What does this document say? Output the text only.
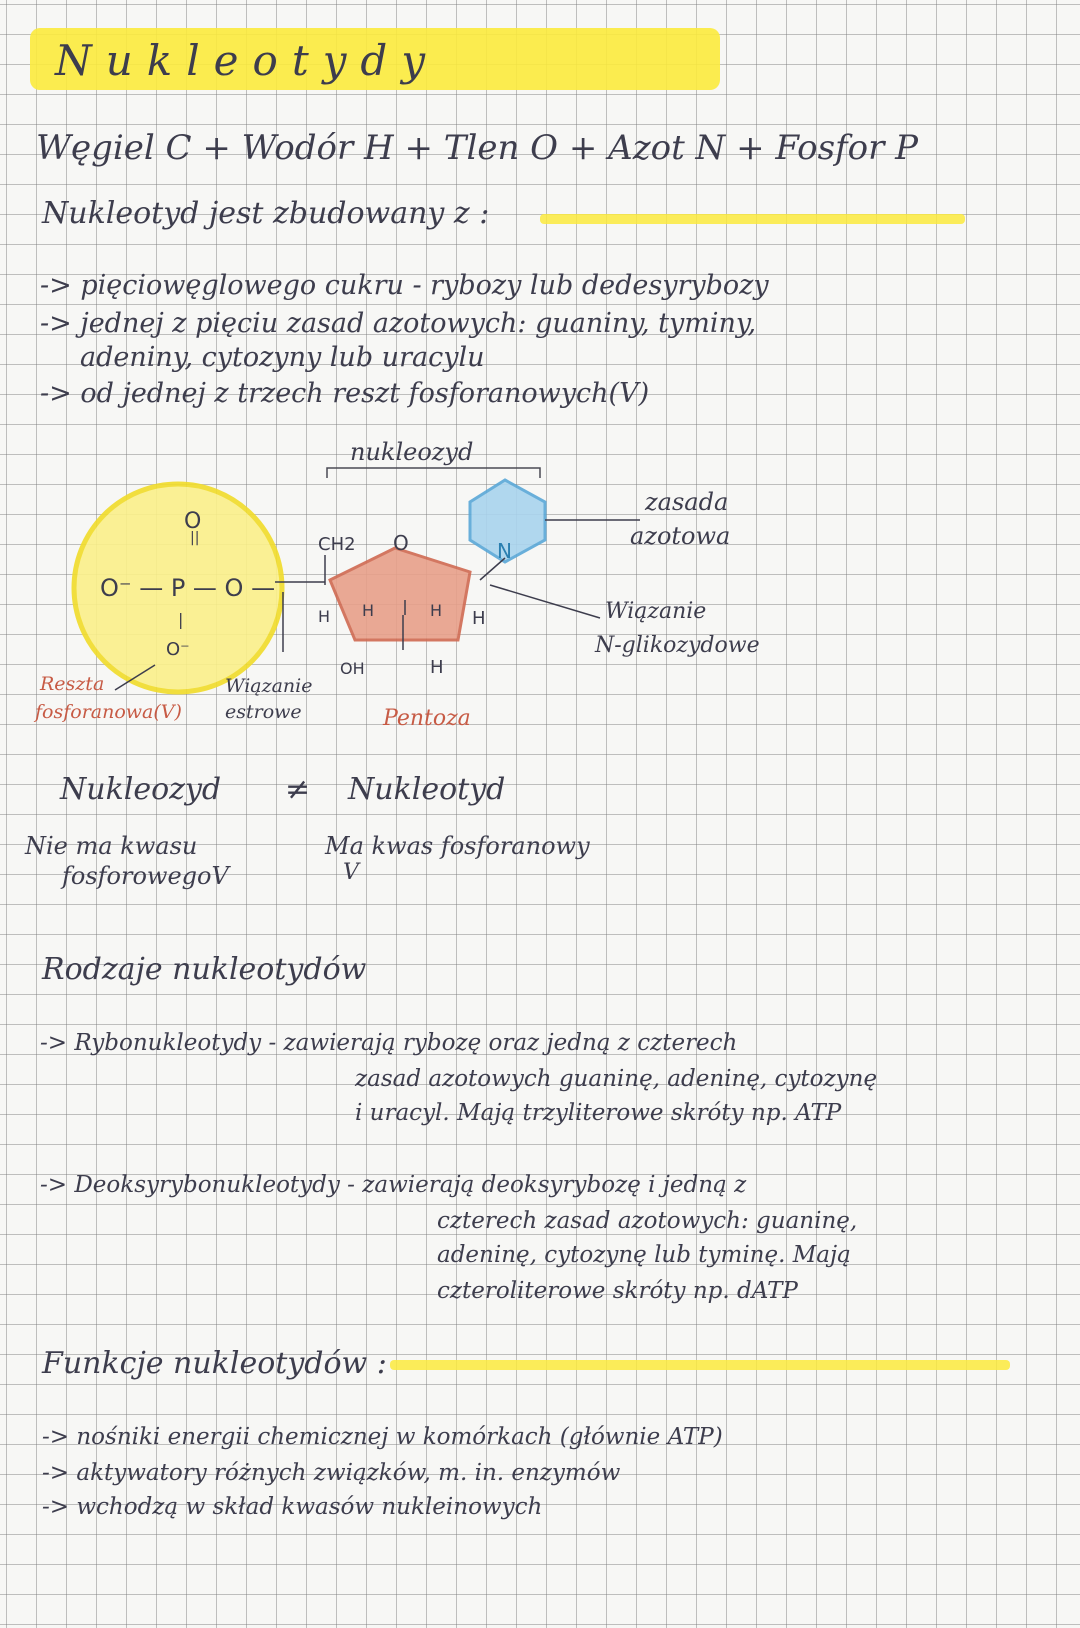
Nukleotydy
Węgiel C + Wodór H + Tlen O + Azot N + Fosfor P
Nukleotyd jest zbudowany z :
-> pięciowęglowego cukru - rybozy lub dedesyrybozy
-> jednej z pięciu zasad azotowych: guaniny, tyminy,
adeniny, cytozyny lub uracylu
-> od jednej z trzech reszt fosforanowych(V)
nukleozyd
zasada
azotowa
Wiązanie
N-glikozydowe
Reszta
fosforanowa(V)
Wiązanie
estrowe	Pentoza
CH2 O	N
H H	H H
H
OH
O
||
O⁻ — P — O —
|
O⁻
Nukleozyd ≠ Nukleotyd
Nie ma kwasu
fosforowegoV
Ma kwas fosforanowy
V
Rodzaje nukleotydów
-> Rybonukleotydy - zawierają rybozę oraz jedną z czterech
zasad azotowych guaninę, adeninę, cytozynę
i uracyl. Mają trzyliterowe skróty np. ATP
-> Deoksyrybonukleotydy - zawierają deoksyrybozę i jedną z
czterech zasad azotowych: guaninę,
adeninę, cytozynę lub tyminę. Mają
czteroliterowe skróty np. dATP
Funkcje nukleotydów :
-> nośniki energii chemicznej w komórkach (głównie ATP)
-> aktywatory różnych związków, m. in. enzymów
-> wchodzą w skład kwasów nukleinowych
